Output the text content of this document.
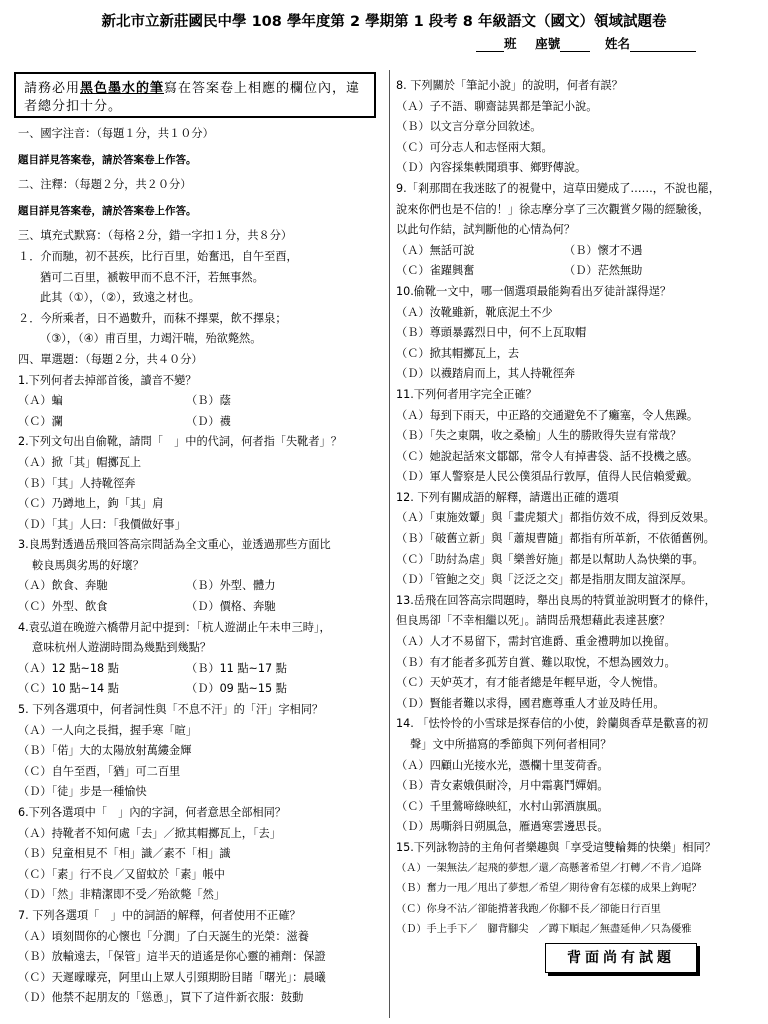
新北市立新莊國民中學 108 學年度第 2 學期第 1 段考 8 年級語文（國文）領域試題卷
班 座號	姓名
請務必用黑色墨水的筆寫在答案卷上相應的欄位內，違者總分扣十分。
一、國字注音：（每題１分，共１０分）
題目詳見答案卷，請於答案卷上作答。
二、注釋：（每題２分，共２０分）
題目詳見答案卷，請於答案卷上作答。
三、填充式默寫：（每格２分，錯一字扣１分，共８分）
１．介而馳，初不甚疾，比行百里，始奮迅，自午至酉，
猶可二百里，褫鞍甲而不息不汗，若無事然。
此其（①），（②），致遠之材也。
２．今所乘者，日不過數升，而秣不擇粟，飲不擇泉；
（③），（④）甫百里，力竭汗喘，殆欲斃然。
四、單選題：（每題２分，共４０分）
1.下列何者去掉部首後，讀音不變？
（Ａ）蝙	（Ｂ）蔭
（Ｃ）瀾	（Ｄ）襪
2.下列文句出自偷靴，請問「　」中的代詞，何者指「失靴者」？
（Ａ）掀「其」帽擲瓦上
（Ｂ）「其」人持靴徑奔
（Ｃ）乃蹲地上，鉤「其」肩
（Ｄ）「其」人曰：「我價做好事」
3.良馬對透過岳飛回答高宗問話為全文重心，並透過那些方面比
較良馬與劣馬的好壞？
（Ａ）飲食、奔馳	（Ｂ）外型、體力
（Ｃ）外型、飲食	（Ｄ）價格、奔馳
4.袁弘道在晚遊六橋帶月記中提到：「杭人遊湖止午未申三時」，
意味杭州人遊湖時間為幾點到幾點？
（Ａ）12 點~18 點	（Ｂ）11 點~17 點
（Ｃ）10 點~14 點	（Ｄ）09 點~15 點
5. 下列各選項中，何者詞性與「不息不汗」的「汗」字相同？
（Ａ）一人向之長揖，握手寒「暄」
（Ｂ）「偌」大的太陽放射萬縷金輝
（Ｃ）自午至酉，「猶」可二百里
（Ｄ）「徒」步是一種愉快
6.下列各選項中「　」內的字詞，何者意思全部相同？
（Ａ）持靴者不知何處「去」／掀其帽擲瓦上，「去」
（Ｂ）兒童相見不「相」識／素不「相」識
（Ｃ）「素」行不良／又留蚊於「素」帳中
（Ｄ）「然」非精潔即不受／殆欲斃「然」
7. 下列各選項「　」中的詞語的解釋，何者使用不正確？
（Ａ）頃刻間你的心懷也「分潤」了白天誕生的光榮：滋養
（Ｂ）放輸遠去，「保管」這半天的逍遙是你心靈的補劑：保證
（Ｃ）天遲曚曚亮，阿里山上眾人引頸期盼目睹「曙光」：晨曦
（Ｄ）他禁不起朋友的「慫恿」，買下了這件新衣服：鼓動
8. 下列關於「筆記小說」的說明，何者有誤？
（Ａ）子不語、聊齋誌異都是筆記小說。
（Ｂ）以文言分章分回敘述。
（Ｃ）可分志人和志怪兩大類。
（Ｄ）內容採集軼聞瑣事、鄉野傳說。
9.「剎那間在我迷眩了的視覺中，這草田變成了……，不說也罷，
說來你們也是不信的！」徐志摩分享了三次觀賞夕陽的經驗後，
以此句作結，試判斷他的心情為何？
（Ａ）無話可說	（Ｂ）懷才不遇
（Ｃ）雀躍興奮	（Ｄ）茫然無助
10.偷靴一文中，哪一個選項最能夠看出歹徒計謀得逞？
（Ａ）汝靴雖新，靴底泥土不少
（Ｂ）尊頭暴露烈日中，何不上瓦取帽
（Ｃ）掀其帽擲瓦上，去
（Ｄ）以襪踏肩而上，其人持靴徑奔
11.下列何者用字完全正確？
（Ａ）每到下雨天，中正路的交通避免不了癱塞，令人焦躁。
（Ｂ）「失之東隅，收之桑榆」人生的勝敗得失豈有常哉？
（Ｃ）她說起話來文鄒鄒，常令人有掉書袋、話不投機之感。
（Ｄ）軍人警察是人民公僕須品行敦厚，值得人民信賴愛戴。
12. 下列有關成語的解釋，請選出正確的選項
（Ａ）「東施效顰」與「畫虎類犬」都指仿效不成，得到反效果。
（Ｂ）「破舊立新」與「蕭規曹隨」都指有所革新，不依循舊例。
（Ｃ）「助紂為虐」與「樂善好施」都是以幫助人為快樂的事。
（Ｄ）「管鮑之交」與「泛泛之交」都是指朋友間友誼深厚。
13.岳飛在回答高宗問題時，舉出良馬的特質並說明賢才的條件，
但良馬卻「不幸相繼以死」。請問岳飛想藉此表達甚麼？
（Ａ）人才不易留下，需封官進爵、重金禮聘加以挽留。
（Ｂ）有才能者多孤芳自賞、難以取悅，不想為國效力。
（Ｃ）天妒英才，有才能者總是年輕早逝，令人惋惜。
（Ｄ）賢能者難以求得，國君應尊重人才並及時任用。
14. 「怯怜怜的小雪球是探春信的小使，鈴蘭與香草是歡喜的初
聲」文中所描寫的季節與下列何者相同？
（Ａ）四顧山光接水光，憑欄十里芰荷香。
（Ｂ）青女素娥俱耐冷，月中霜裏鬥嬋娟。
（Ｃ）千里鶯啼綠映紅，水村山郭酒旗風。
（Ｄ）馬嘶斜日朔風急，雁過寒雲邊思長。
15.下列詠物詩的主角何者樂趣與「享受這雙輪舞的快樂」相同？
（Ａ）一架無法／起飛的夢想／還／高懸著希望／打轉／不肯／追降
（Ｂ）奮力一甩／甩出了夢想／希望／期待會有怎樣的成果上鉤呢？
（Ｃ）你身不沾／卻能揹著我跑／你腳不長／卻能日行百里
（Ｄ）手上手下／　腳背腳尖　／蹲下順起／無盡延伸／只為優雅
背面尚有試題
